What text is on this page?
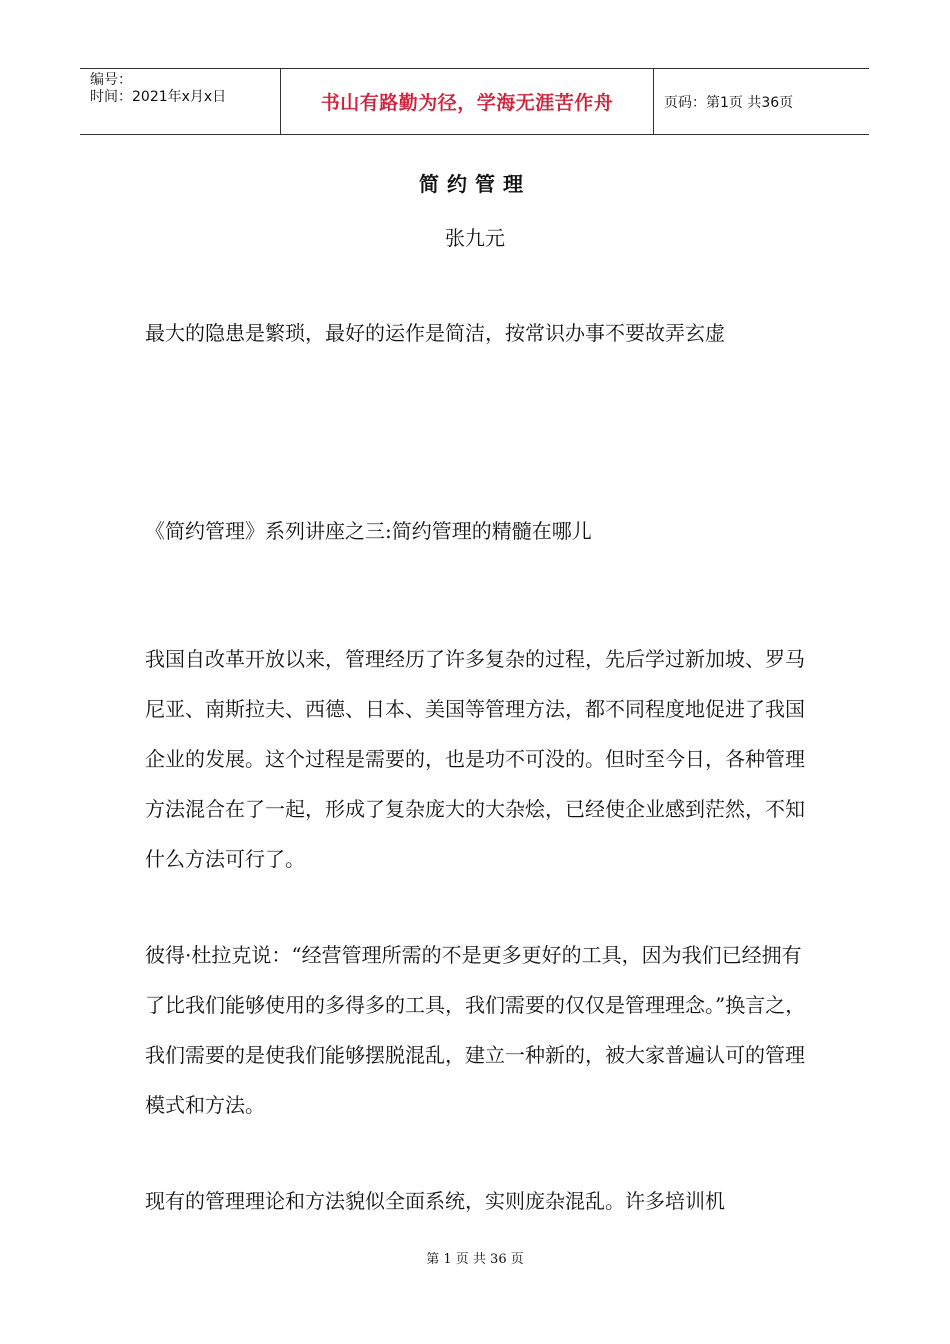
编号：
时间：2021年x月x日	书山有路勤为径，学海无涯苦作舟	页码：第1页 共36页
简约管理
张九元

最大的隐患是繁琐，最好的运作是简洁，按常识办事不要故弄玄虚

《简约管理》系列讲座之三:简约管理的精髓在哪儿

我国自改革开放以来，管理经历了许多复杂的过程，先后学过新加坡、罗马尼亚、南斯拉夫、西德、日本、美国等管理方法，都不同程度地促进了我国企业的发展。这个过程是需要的，也是功不可没的。但时至今日，各种管理方法混合在了一起，形成了复杂庞大的大杂烩，已经使企业感到茫然，不知什么方法可行了。

彼得·杜拉克说：“经营管理所需的不是更多更好的工具，因为我们已经拥有了比我们能够使用的多得多的工具，我们需要的仅仅是管理理念。”换言之，我们需要的是使我们能够摆脱混乱，建立一种新的，被大家普遍认可的管理模式和方法。

现有的管理理论和方法貌似全面系统，实则庞杂混乱。许多培训机

第 1 页 共 36 页
